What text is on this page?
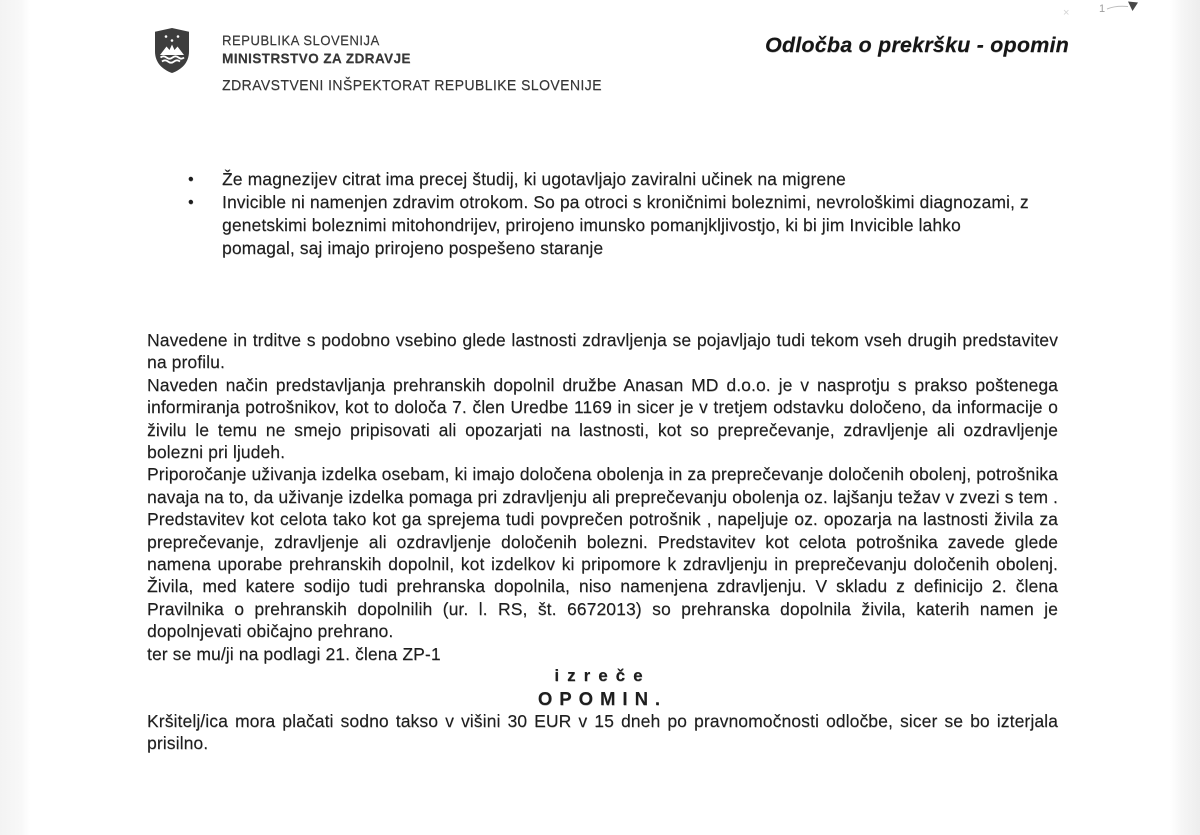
REPUBLIKA SLOVENIJA
MINISTRSTVO ZA ZDRAVJE
ZDRAVSTVENI INŠPEKTORAT REPUBLIKE SLOVENIJE
Odločba o prekršku - opomin
1
×
•	Že magnezijev citrat ima precej študij, ki ugotavljajo zaviralni učinek na migrene
•	Invicible ni namenjen zdravim otrokom. So pa otroci s kroničnimi boleznimi, nevrološkimi diagnozami, z genetskimi boleznimi mitohondrijev, prirojeno imunsko pomanjkljivostjo, ki bi jim Invicible lahko pomagal, saj imajo prirojeno pospešeno staranje

Navedene in trditve s podobno vsebino glede lastnosti zdravljenja se pojavljajo tudi tekom vseh drugih predstavitev na profilu.

Naveden način predstavljanja prehranskih dopolnil družbe Anasan MD d.o.o. je v nasprotju s prakso poštenega informiranja potrošnikov, kot to določa 7. člen Uredbe 1169 in sicer je v tretjem odstavku določeno, da informacije o živilu le temu ne smejo pripisovati ali opozarjati na lastnosti, kot so preprečevanje, zdravljenje ali ozdravljenje bolezni pri ljudeh.

Priporočanje uživanja izdelka osebam, ki imajo določena obolenja in za preprečevanje določenih obolenj, potrošnika navaja na to, da uživanje izdelka pomaga pri zdravljenju ali preprečevanju obolenja oz. lajšanju težav v zvezi s tem . Predstavitev kot celota tako kot ga sprejema tudi povprečen potrošnik , napeljuje oz. opozarja na lastnosti živila za preprečevanje, zdravljenje ali ozdravljenje določenih bolezni. Predstavitev kot celota potrošnika zavede glede namena uporabe prehranskih dopolnil, kot izdelkov ki pripomore k zdravljenju in preprečevanju določenih obolenj. Živila, med katere sodijo tudi prehranska dopolnila, niso namenjena zdravljenju. V skladu z definicijo 2. člena Pravilnika o prehranskih dopolnilih (ur. l. RS, št. 6672013) so prehranska dopolnila živila, katerih namen je dopolnjevati običajno prehrano.

ter se mu/ji na podlagi 21. člena ZP-1

izreče

OPOMIN.

Kršitelj/ica mora plačati sodno takso v višini 30 EUR v 15 dneh po pravnomočnosti odločbe, sicer se bo izterjala prisilno.
